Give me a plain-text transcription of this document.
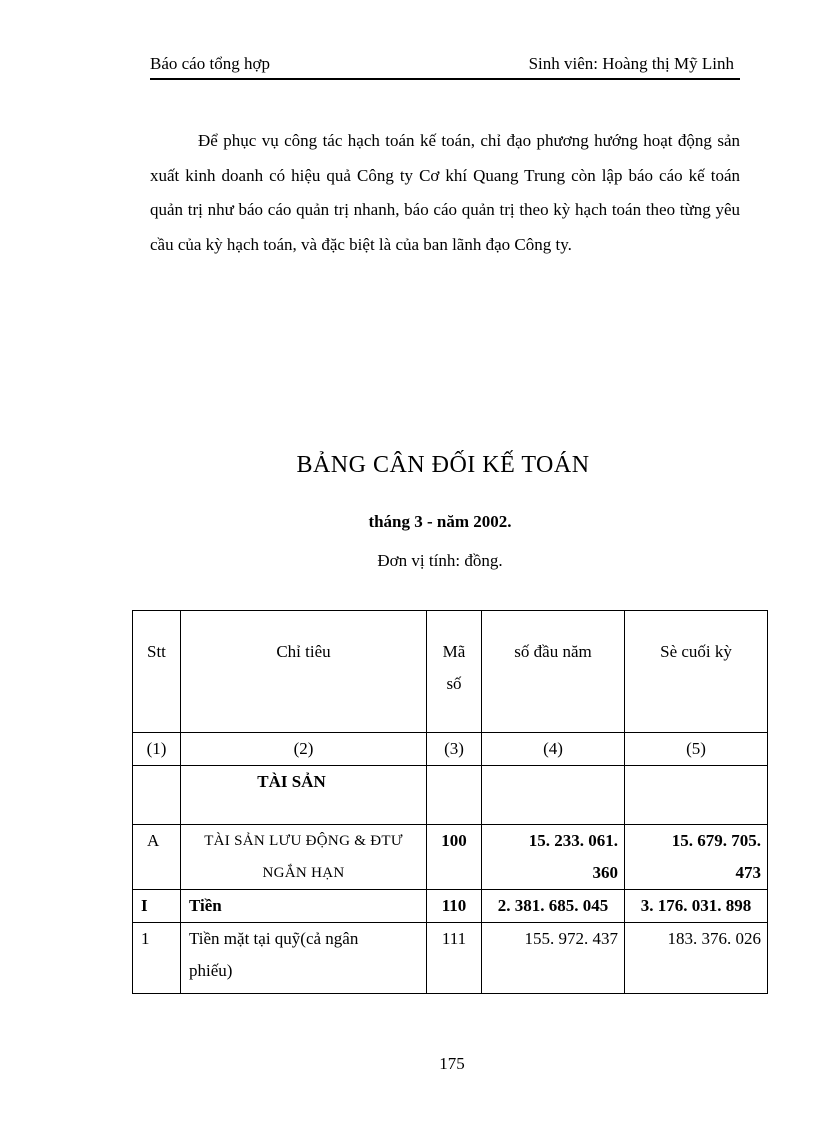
Báo cáo tổng hợp	Sinh viên: Hoàng thị Mỹ Linh

Để phục vụ công tác hạch toán kế toán, chỉ đạo phương hướng hoạt động sản xuất kinh doanh có hiệu quả Công ty Cơ khí Quang Trung còn lập báo cáo kế toán quản trị như báo cáo quản trị nhanh, báo cáo quản trị theo kỳ hạch toán theo từng yêu cầu của kỳ hạch toán, và đặc biệt là của ban lãnh đạo Công ty.

BẢNG CÂN ĐỐI KẾ TOÁN
tháng 3 - năm 2002.
Đơn vị tính: đồng.
Stt	Chỉ tiêu	Mã số	số đầu năm	Sè cuối kỳ
(1)	(2)	(3)	(4)	(5)
	TÀI SẢN			
A	TÀI SẢN LƯU ĐỘNG & ĐTƯ NGẮN HẠN	100	15. 233. 061. 360	15. 679. 705. 473
I	Tiền	110	2. 381. 685. 045	3. 176. 031. 898
1	Tiền mặt tại quỹ(cả ngân phiếu)	111	155. 972. 437	183. 376. 026
175
